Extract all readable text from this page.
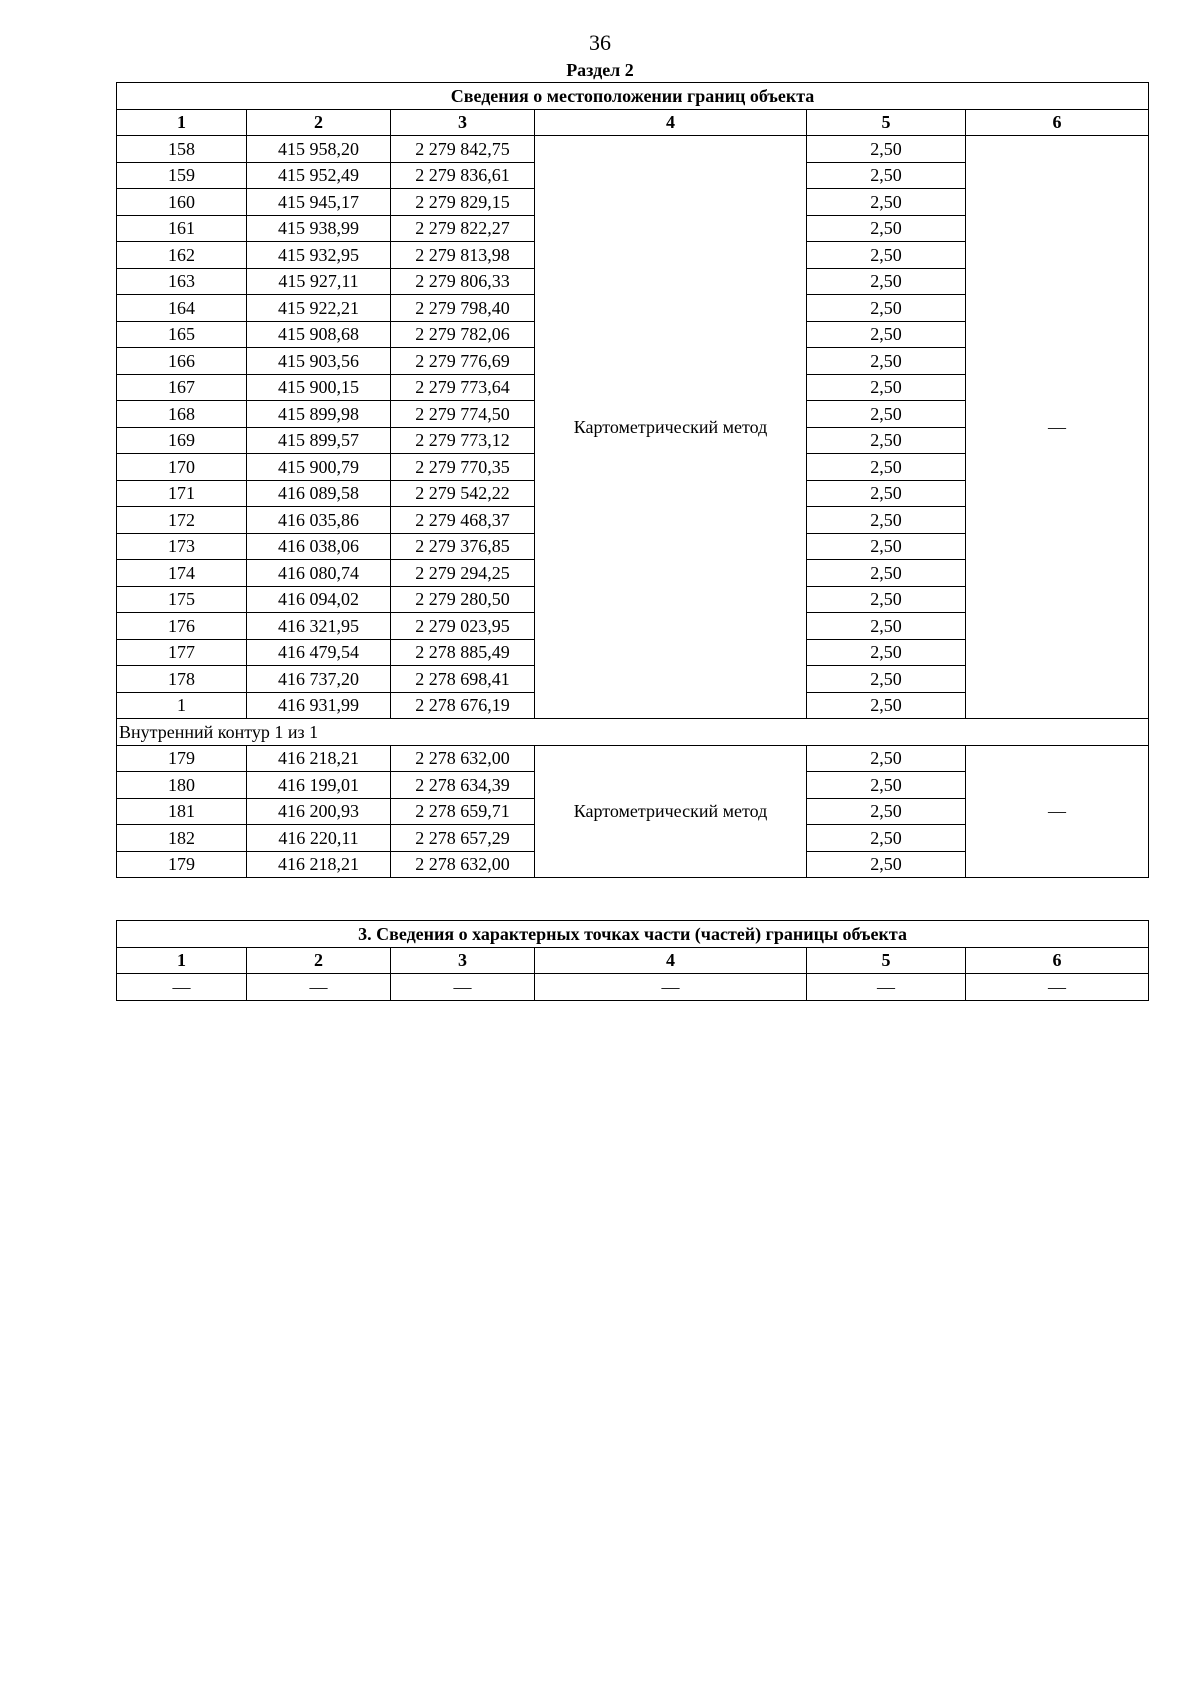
36
Раздел 2
Сведения о местоположении границ объекта					
1	2	3	4	5	6
158	415 958,20	2 279 842,75	Картометрический метод	2,50	—
159	415 952,49	2 279 836,61		2,50	
160	415 945,17	2 279 829,15		2,50	
161	415 938,99	2 279 822,27		2,50	
162	415 932,95	2 279 813,98		2,50	
163	415 927,11	2 279 806,33		2,50	
164	415 922,21	2 279 798,40		2,50	
165	415 908,68	2 279 782,06		2,50	
166	415 903,56	2 279 776,69		2,50	
167	415 900,15	2 279 773,64		2,50	
168	415 899,98	2 279 774,50		2,50	
169	415 899,57	2 279 773,12		2,50	
170	415 900,79	2 279 770,35		2,50	
171	416 089,58	2 279 542,22		2,50	
172	416 035,86	2 279 468,37		2,50	
173	416 038,06	2 279 376,85		2,50	
174	416 080,74	2 279 294,25		2,50	
175	416 094,02	2 279 280,50		2,50	
176	416 321,95	2 279 023,95		2,50	
177	416 479,54	2 278 885,49		2,50	
178	416 737,20	2 278 698,41		2,50	
1	416 931,99	2 278 676,19		2,50	
Внутренний контур 1 из 1					
179	416 218,21	2 278 632,00	Картометрический метод	2,50	—
180	416 199,01	2 278 634,39		2,50	
181	416 200,93	2 278 659,71		2,50	
182	416 220,11	2 278 657,29		2,50	
179	416 218,21	2 278 632,00		2,50	
3. Сведения о характерных точках части (частей) границы объекта					
1	2	3	4	5	6
—	—	—	—	—	—
